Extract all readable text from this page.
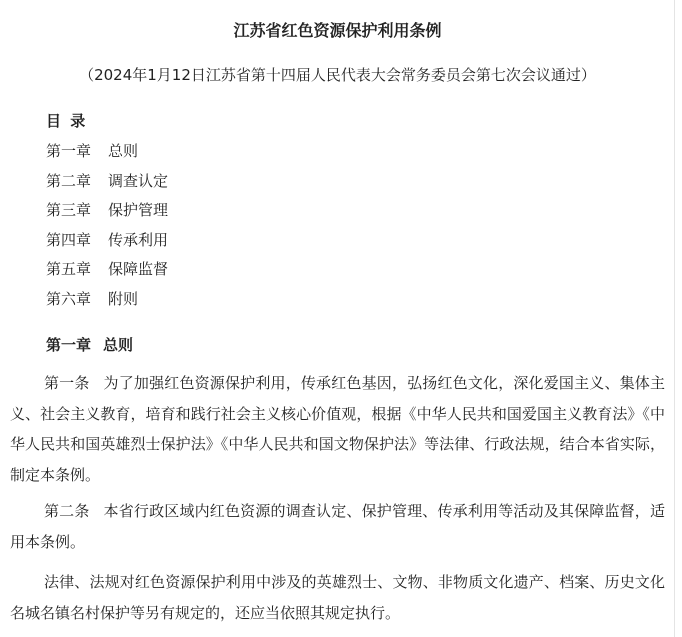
江苏省红色资源保护利用条例

（2024年1月12日江苏省第十四届人民代表大会常务委员会第七次会议通过）

目 录
第一章 总则
第二章 调查认定
第三章 保护管理
第四章 传承利用
第五章 保障监督
第六章 附则
第一章 总则

第一条 为了加强红色资源保护利用，传承红色基因，弘扬红色文化，深化爱国主义、集体主义、社会主义教育，培育和践行社会主义核心价值观，根据《中华人民共和国爱国主义教育法》《中华人民共和国英雄烈士保护法》《中华人民共和国文物保护法》等法律、行政法规，结合本省实际，制定本条例。

第二条 本省行政区域内红色资源的调查认定、保护管理、传承利用等活动及其保障监督，适用本条例。

法律、法规对红色资源保护利用中涉及的英雄烈士、文物、非物质文化遗产、档案、历史文化名城名镇名村保护等另有规定的，还应当依照其规定执行。
